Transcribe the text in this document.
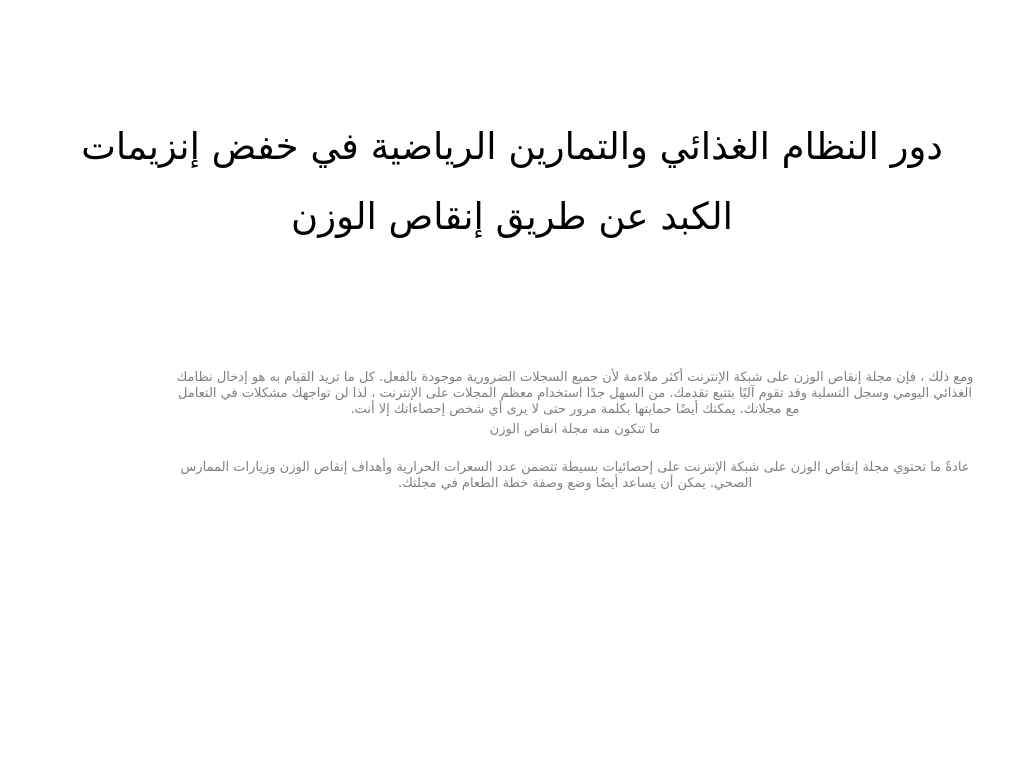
دور النظام الغذائي والتمارين الرياضية في خفض إنزيمات الكبد عن طريق إنقاص الوزن

ومع ذلك ، فإن مجلة إنقاص الوزن على شبكة الإنترنت أكثر ملاءمة لأن جميع السجلات الضرورية موجودة بالفعل. كل ما تريد القيام به هو إدخال نظامك الغذائي اليومي وسجل التسلية وقد تقوم آليًا بتتبع تقدمك. من السهل جدًا استخدام معظم المجلات على الإنترنت ، لذا لن تواجهك مشكلات في التعامل مع مجلاتك. يمكنك أيضًا حمايتها بكلمة مرور حتى لا يرى أي شخص إحصاءاتك إلا أنت.

ما تتكون منه مجلة انقاص الوزن

عادةً ما تحتوي مجلة إنقاص الوزن على شبكة الإنترنت على إحصائيات بسيطة تتضمن عدد السعرات الحرارية وأهداف إنقاص الوزن وزيارات الممارس الصحي. يمكن أن يساعد أيضًا وضع وصفة خطة الطعام في مجلتك.
